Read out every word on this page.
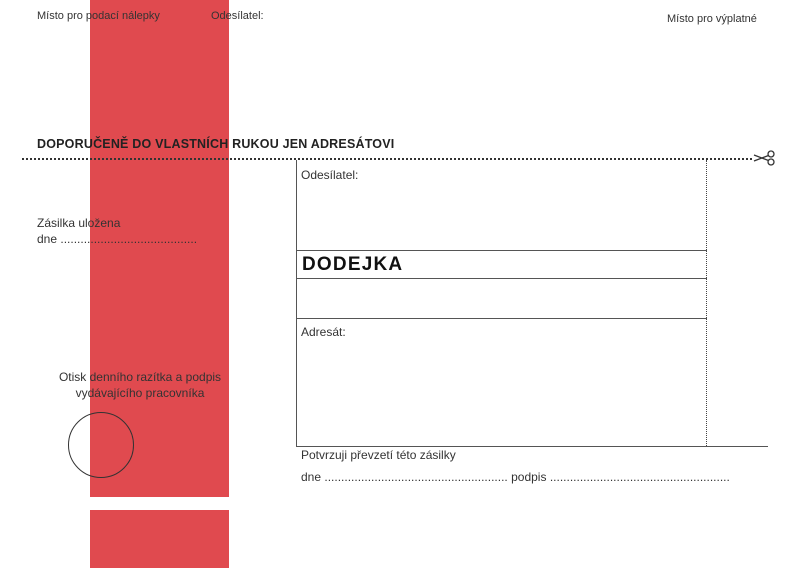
Místo pro podací nálepky	Odesílatel:	Místo pro výplatné
DOPORUČENĚ DO VLASTNÍCH RUKOU JEN ADRESÁTOVI
Zásilka uložena
dne .........................................
Otisk denního razítka a podpis
vydávajícího pracovníka
Odesílatel:
DODEJKA
Adresát:
Potvrzuji převzetí této zásilky
dne ....................................................... podpis ......................................................
